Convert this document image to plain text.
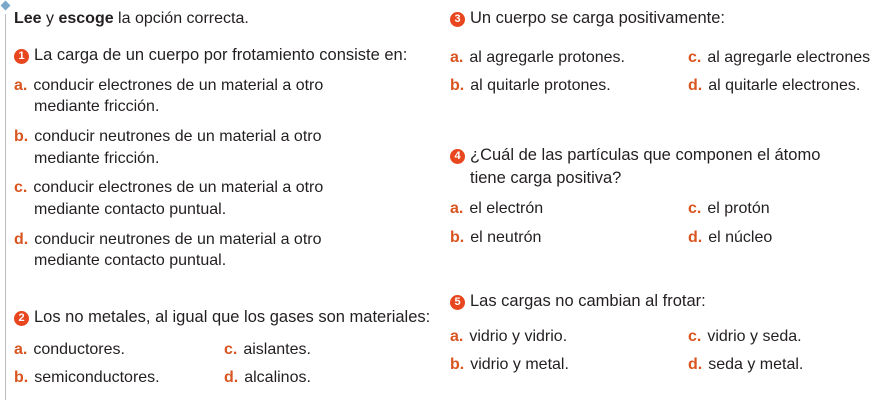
Lee y escoge la opción correcta.
1 La carga de un cuerpo por frotamiento consiste en:
a. conducir electrones de un material a otro
mediante fricción.
b. conducir neutrones de un material a otro
mediante fricción.
c. conducir electrones de un material a otro
mediante contacto puntual.
d. conducir neutrones de un material a otro
mediante contacto puntual.
2 Los no metales, al igual que los gases son materiales:
a. conductores.	c. aislantes.
b. semiconductores.	d. alcalinos.
3 Un cuerpo se carga positivamente:
a. al agregarle protones.	c. al agregarle electrones
b. al quitarle protones.	d. al quitarle electrones.
4 ¿Cuál de las partículas que componen el átomo
tiene carga positiva?
a. el electrón	c. el protón
b. el neutrón	d. el núcleo
5 Las cargas no cambian al frotar:
a. vidrio y vidrio.	c. vidrio y seda.
b. vidrio y metal.	d. seda y metal.
